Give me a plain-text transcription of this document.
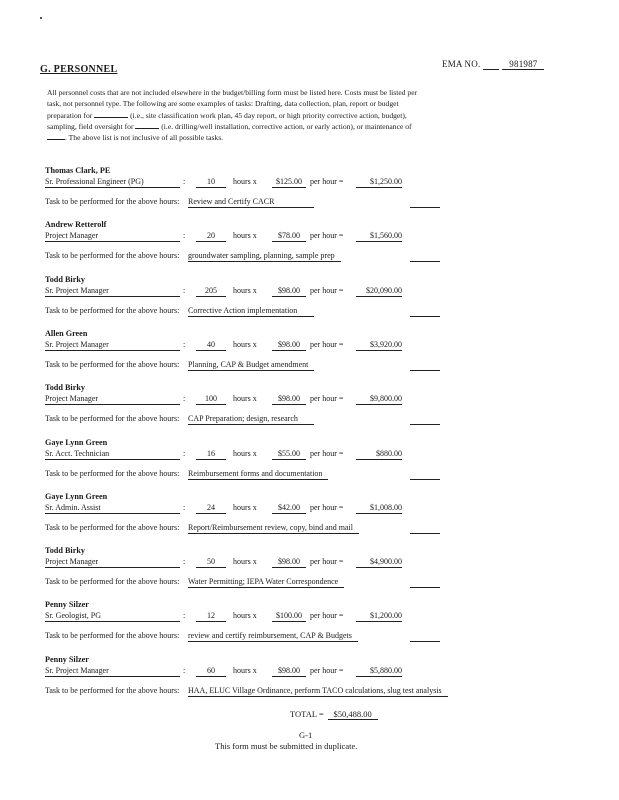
EMA NO.	981987
G. PERSONNEL
All personnel costs that are not included elsewhere in the budget/billing form must be listed here. Costs must be listed per task, not personnel type. The following are some examples of tasks: Drafting, data collection, plan, report or budget preparation for	(i.e., site classification work plan, 45 day report, or high priority corrective action, budget), sampling, field oversight for	(i.e. drilling/well installation, corrective action, or early action), or maintenance of . The above list is not inclusive of all possible tasks.
Thomas Clark, PE
Sr. Professional Engineer (PG)	:	10	hours x	$125.00	per hour =	$1,250.00
Task to be performed for the above hours: Review and Certify CACR
Andrew Retterolf
Project Manager	:	20	hours x	$78.00	per hour =	$1,560.00
Task to be performed for the above hours: groundwater sampling, planning, sample prep
Todd Birky
Sr. Project Manager	:	205	hours x	$98.00	per hour =	$20,090.00
Task to be performed for the above hours: Corrective Action implementation
Allen Green
Sr. Project Manager	:	40	hours x	$98.00	per hour =	$3,920.00
Task to be performed for the above hours: Planning, CAP & Budget amendment
Todd Birky
Project Manager	:	100	hours x	$98.00	per hour =	$9,800.00
Task to be performed for the above hours: CAP Preparation; design, research
Gaye Lynn Green
Sr. Acct. Technician	:	16	hours x	$55.00	per hour =	$880.00
Task to be performed for the above hours: Reimbursement forms and documentation
Gaye Lynn Green
Sr. Admin. Assist	:	24	hours x	$42.00	per hour =	$1,008.00
Task to be performed for the above hours: Report/Reimbursement review, copy, bind and mail
Todd Birky
Project Manager	:	50	hours x	$98.00	per hour =	$4,900.00
Task to be performed for the above hours: Water Permitting; IEPA Water Correspondence
Penny Silzer
Sr. Geologist, PG	:	12	hours x	$100.00	per hour =	$1,200.00
Task to be performed for the above hours: review and certify reimbursement, CAP & Budgets
Penny Silzer
Sr. Project Manager	:	60	hours x	$98.00	per hour =	$5,880.00
Task to be performed for the above hours: HAA, ELUC Village Ordinance, perform TACO calculations, slug test analysis
TOTAL = $50,488.00
G-1
This form must be submitted in duplicate.
